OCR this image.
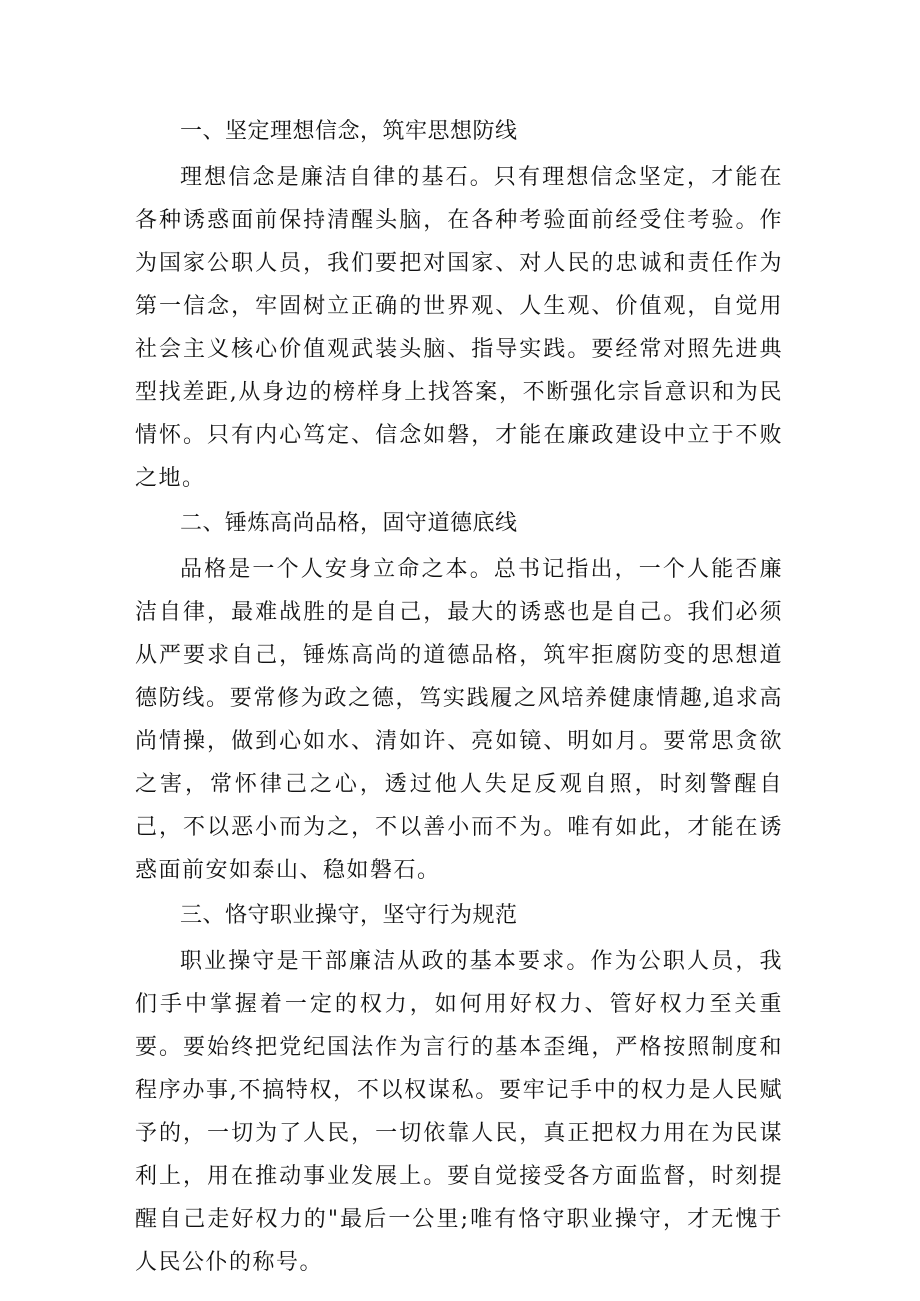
一、坚定理想信念，筑牢思想防线

理想信念是廉洁自律的基石。只有理想信念坚定，才能在各种诱惑面前保持清醒头脑，在各种考验面前经受住考验。作为国家公职人员，我们要把对国家、对人民的忠诚和责任作为第一信念，牢固树立正确的世界观、人生观、价值观，自觉用社会主义核心价值观武装头脑、指导实践。要经常对照先进典型找差距,从身边的榜样身上找答案，不断强化宗旨意识和为民情怀。只有内心笃定、信念如磐，才能在廉政建设中立于不败之地。

二、锤炼高尚品格，固守道德底线

品格是一个人安身立命之本。总书记指出，一个人能否廉洁自律，最难战胜的是自己，最大的诱惑也是自己。我们必须从严要求自己，锤炼高尚的道德品格，筑牢拒腐防变的思想道德防线。要常修为政之德，笃实践履之风培养健康情趣,追求高尚情操，做到心如水、清如许、亮如镜、明如月。要常思贪欲之害，常怀律己之心，透过他人失足反观自照，时刻警醒自己，不以恶小而为之，不以善小而不为。唯有如此，才能在诱惑面前安如泰山、稳如磐石。

三、恪守职业操守，坚守行为规范

职业操守是干部廉洁从政的基本要求。作为公职人员，我们手中掌握着一定的权力，如何用好权力、管好权力至关重要。要始终把党纪国法作为言行的基本歪绳，严格按照制度和程序办事,不搞特权，不以权谋私。要牢记手中的权力是人民赋予的，一切为了人民，一切依靠人民，真正把权力用在为民谋利上，用在推动事业发展上。要自觉接受各方面监督，时刻提醒自己走好权力的"最后一公里;唯有恪守职业操守，才无愧于人民公仆的称号。
